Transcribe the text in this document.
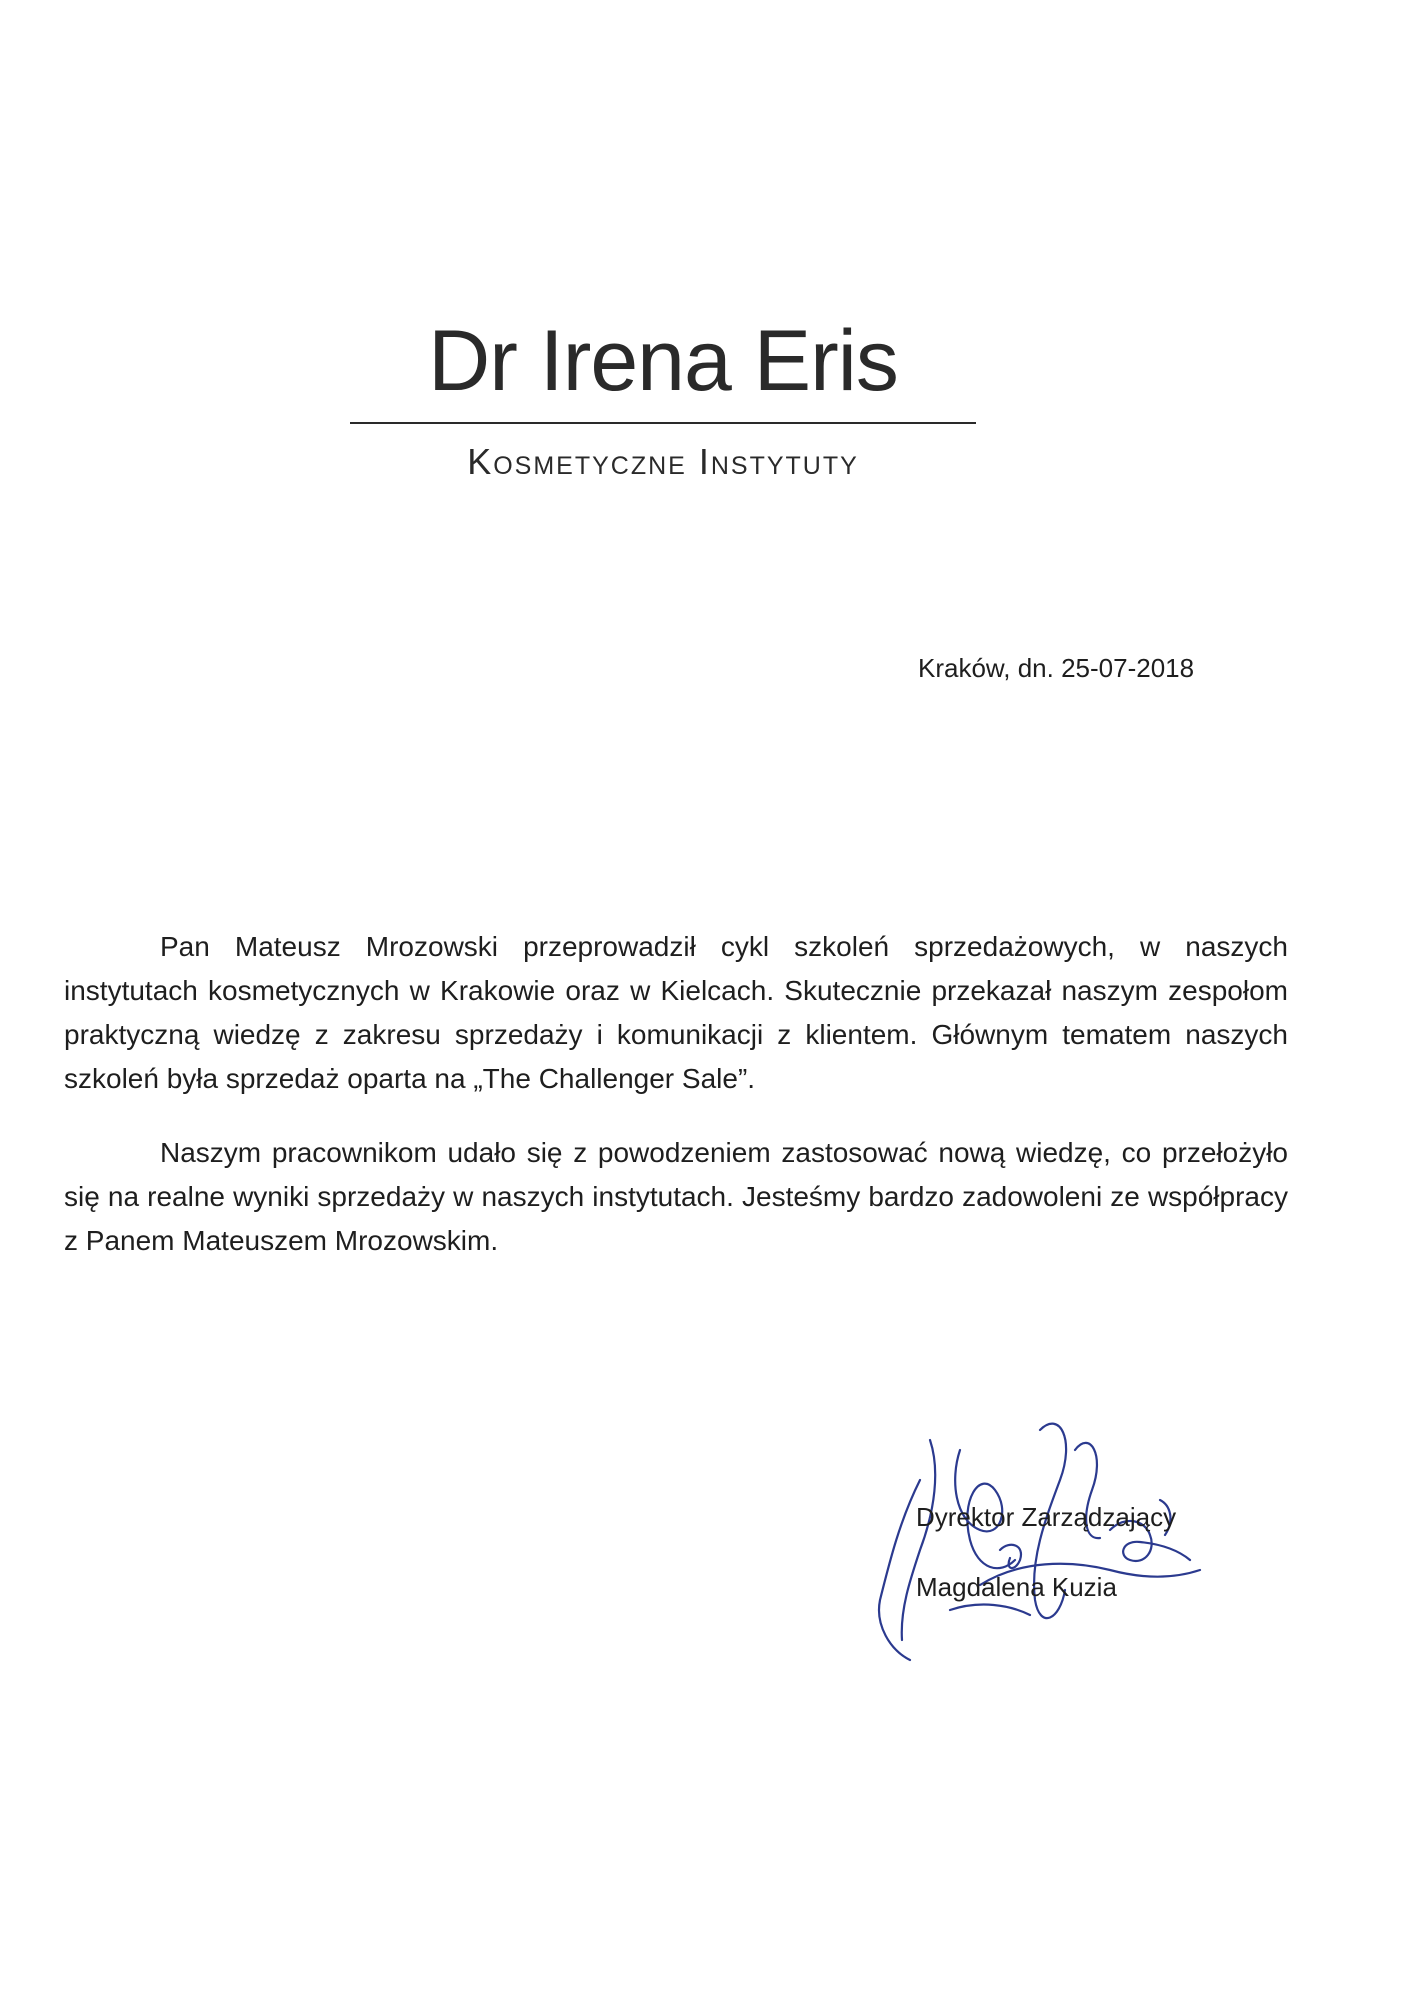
Dr Irena Eris
Kosmetyczne Instytuty
Kraków, dn. 25-07-2018

Pan Mateusz Mrozowski przeprowadził cykl szkoleń sprzedażowych, w naszych instytutach kosmetycznych w Krakowie oraz w Kielcach. Skutecznie przekazał naszym zespołom praktyczną wiedzę z zakresu sprzedaży i komunikacji z klientem. Głównym tematem naszych szkoleń była sprzedaż oparta na „The Challenger Sale”.

Naszym pracownikom udało się z powodzeniem zastosować nową wiedzę, co przełożyło się na realne wyniki sprzedaży w naszych instytutach. Jesteśmy bardzo zadowoleni ze współpracy z Panem Mateuszem Mrozowskim.

Dyrektor Zarządzający
Magdalena Kuzia
